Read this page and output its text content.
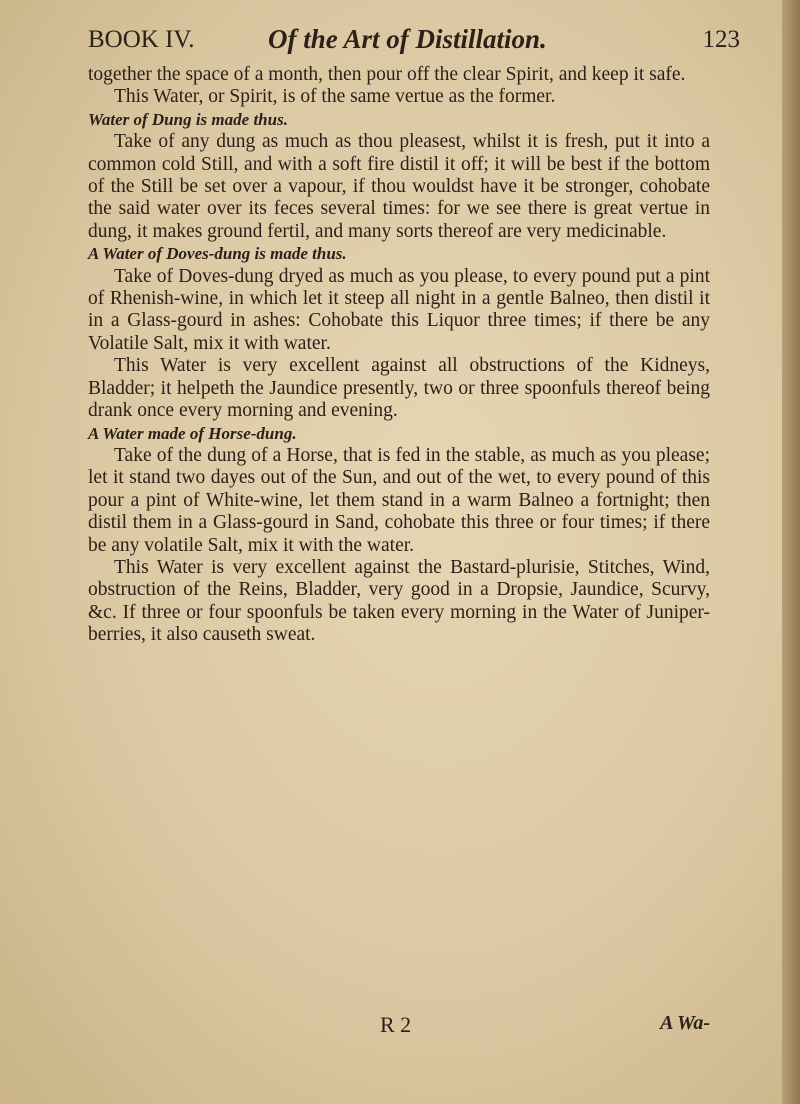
BOOK IV.	Of the Art of Distillation.	123

together the space of a month, then pour off the clear Spirit, and keep it safe.

This Water, or Spirit, is of the same vertue as the former.

Water of Dung is made thus.

Take of any dung as much as thou pleasest, whilst it is fresh, put it into a common cold Still, and with a soft fire distil it off; it will be best if the bottom of the Still be set over a vapour, if thou wouldst have it be stronger, cohobate the said water over its feces several times: for we see there is great vertue in dung, it makes ground fertil, and many sorts thereof are very medicinable.

A Water of Doves-dung is made thus.

Take of Doves-dung dryed as much as you please, to every pound put a pint of Rhenish-wine, in which let it steep all night in a gentle Balneo, then distil it in a Glass-gourd in ashes: Cohobate this Liquor three times; if there be any Volatile Salt, mix it with water.

This Water is very excellent against all obstructions of the Kidneys, Bladder; it helpeth the Jaundice presently, two or three spoonfuls thereof being drank once every morning and evening.

A Water made of Horse-dung.

Take of the dung of a Horse, that is fed in the stable, as much as you please; let it stand two dayes out of the Sun, and out of the wet, to every pound of this pour a pint of White-wine, let them stand in a warm Balneo a fortnight; then distil them in a Glass-gourd in Sand, cohobate this three or four times; if there be any volatile Salt, mix it with the water.

This Water is very excellent against the Bastard-plurisie, Stitches, Wind, obstruction of the Reins, Bladder, very good in a Dropsie, Jaundice, Scurvy, &c. If three or four spoonfuls be taken every morning in the Water of Juniper-berries, it also causeth sweat.

R 2	A Wa-
